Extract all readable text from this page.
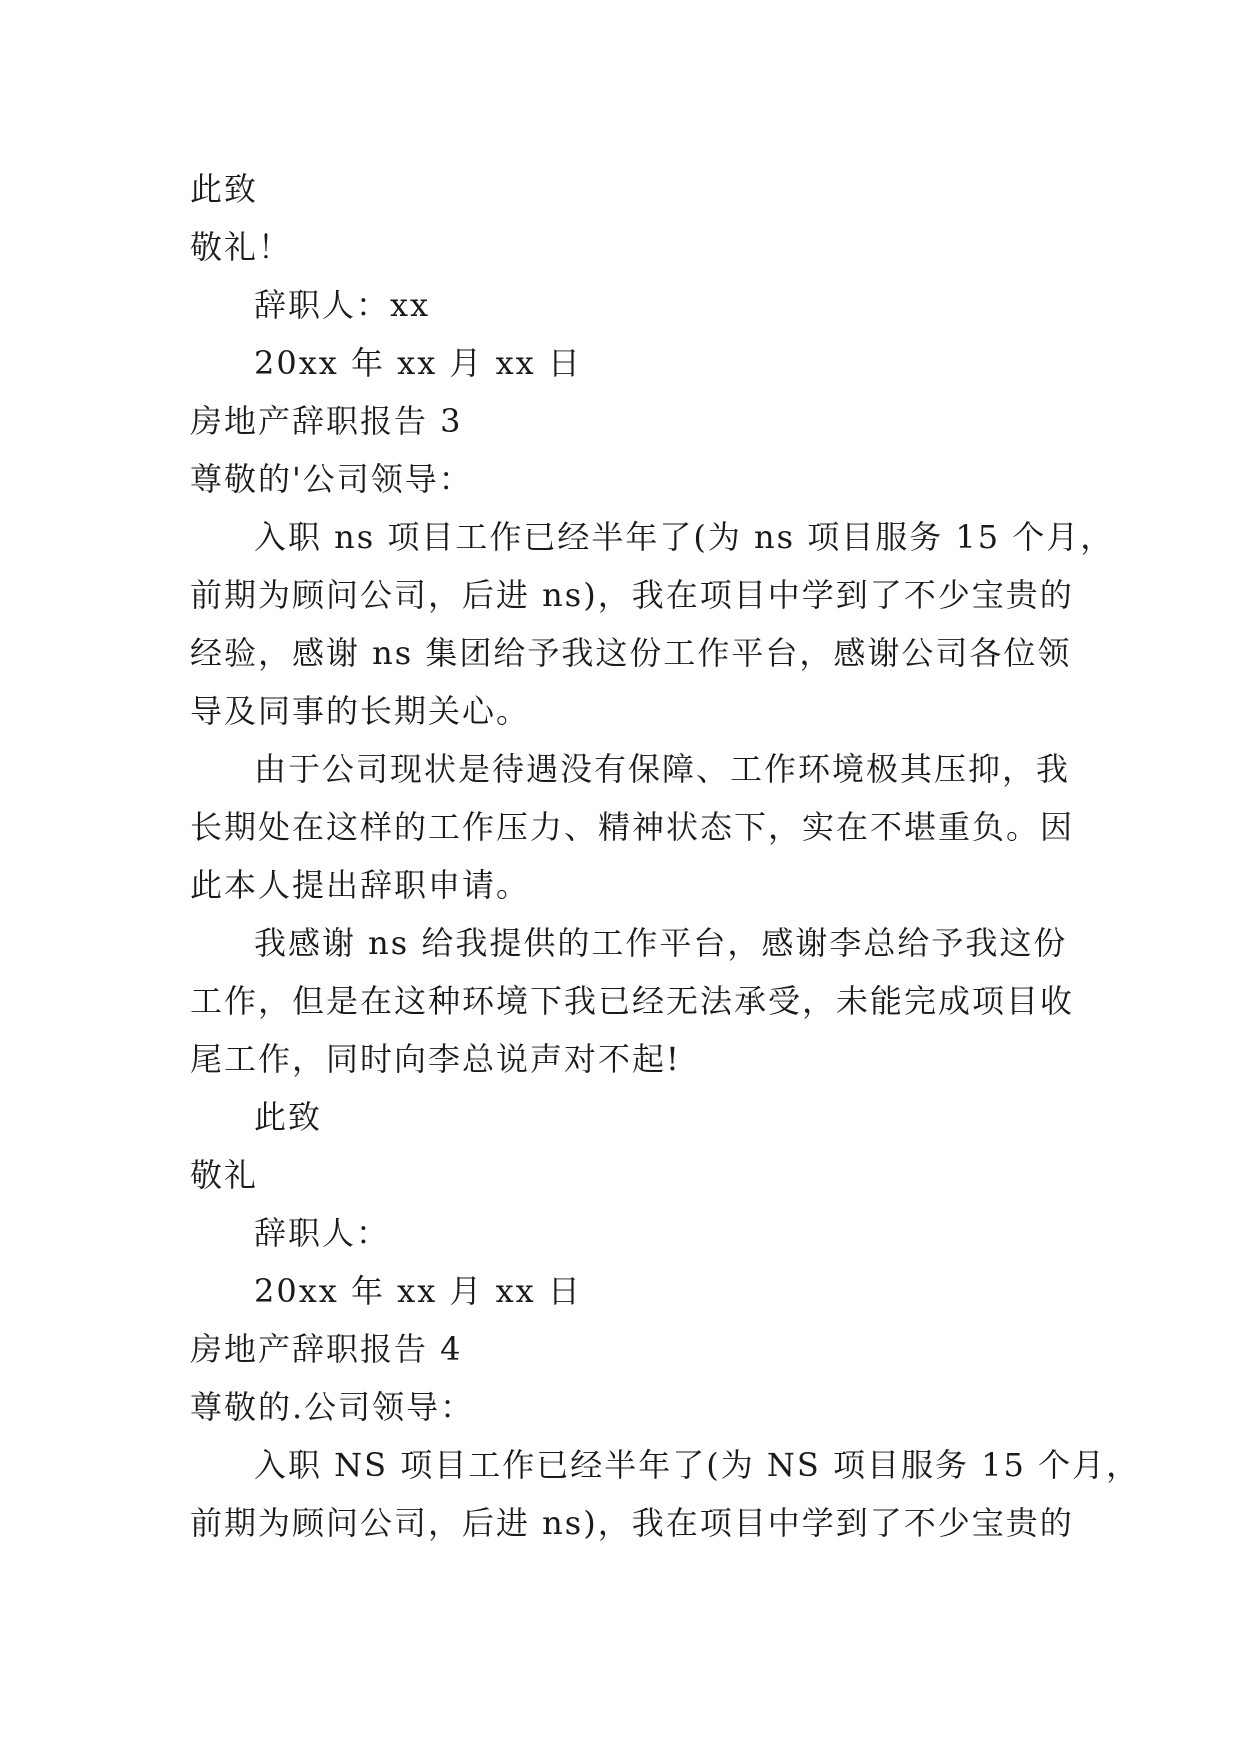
此致
敬礼！
辞职人：xx
20xx 年 xx 月 xx 日
房地产辞职报告 3
尊敬的'公司领导：
入职 ns 项目工作已经半年了(为 ns 项目服务 15 个月，
前期为顾问公司，后进 ns)，我在项目中学到了不少宝贵的
经验，感谢 ns 集团给予我这份工作平台，感谢公司各位领
导及同事的长期关心。
由于公司现状是待遇没有保障、工作环境极其压抑，我
长期处在这样的工作压力、精神状态下，实在不堪重负。因
此本人提出辞职申请。
我感谢 ns 给我提供的工作平台，感谢李总给予我这份
工作，但是在这种环境下我已经无法承受，未能完成项目收
尾工作，同时向李总说声对不起!
此致
敬礼
辞职人：
20xx 年 xx 月 xx 日
房地产辞职报告 4
尊敬的.公司领导：
入职 NS 项目工作已经半年了(为 NS 项目服务 15 个月，
前期为顾问公司，后进 ns)，我在项目中学到了不少宝贵的
